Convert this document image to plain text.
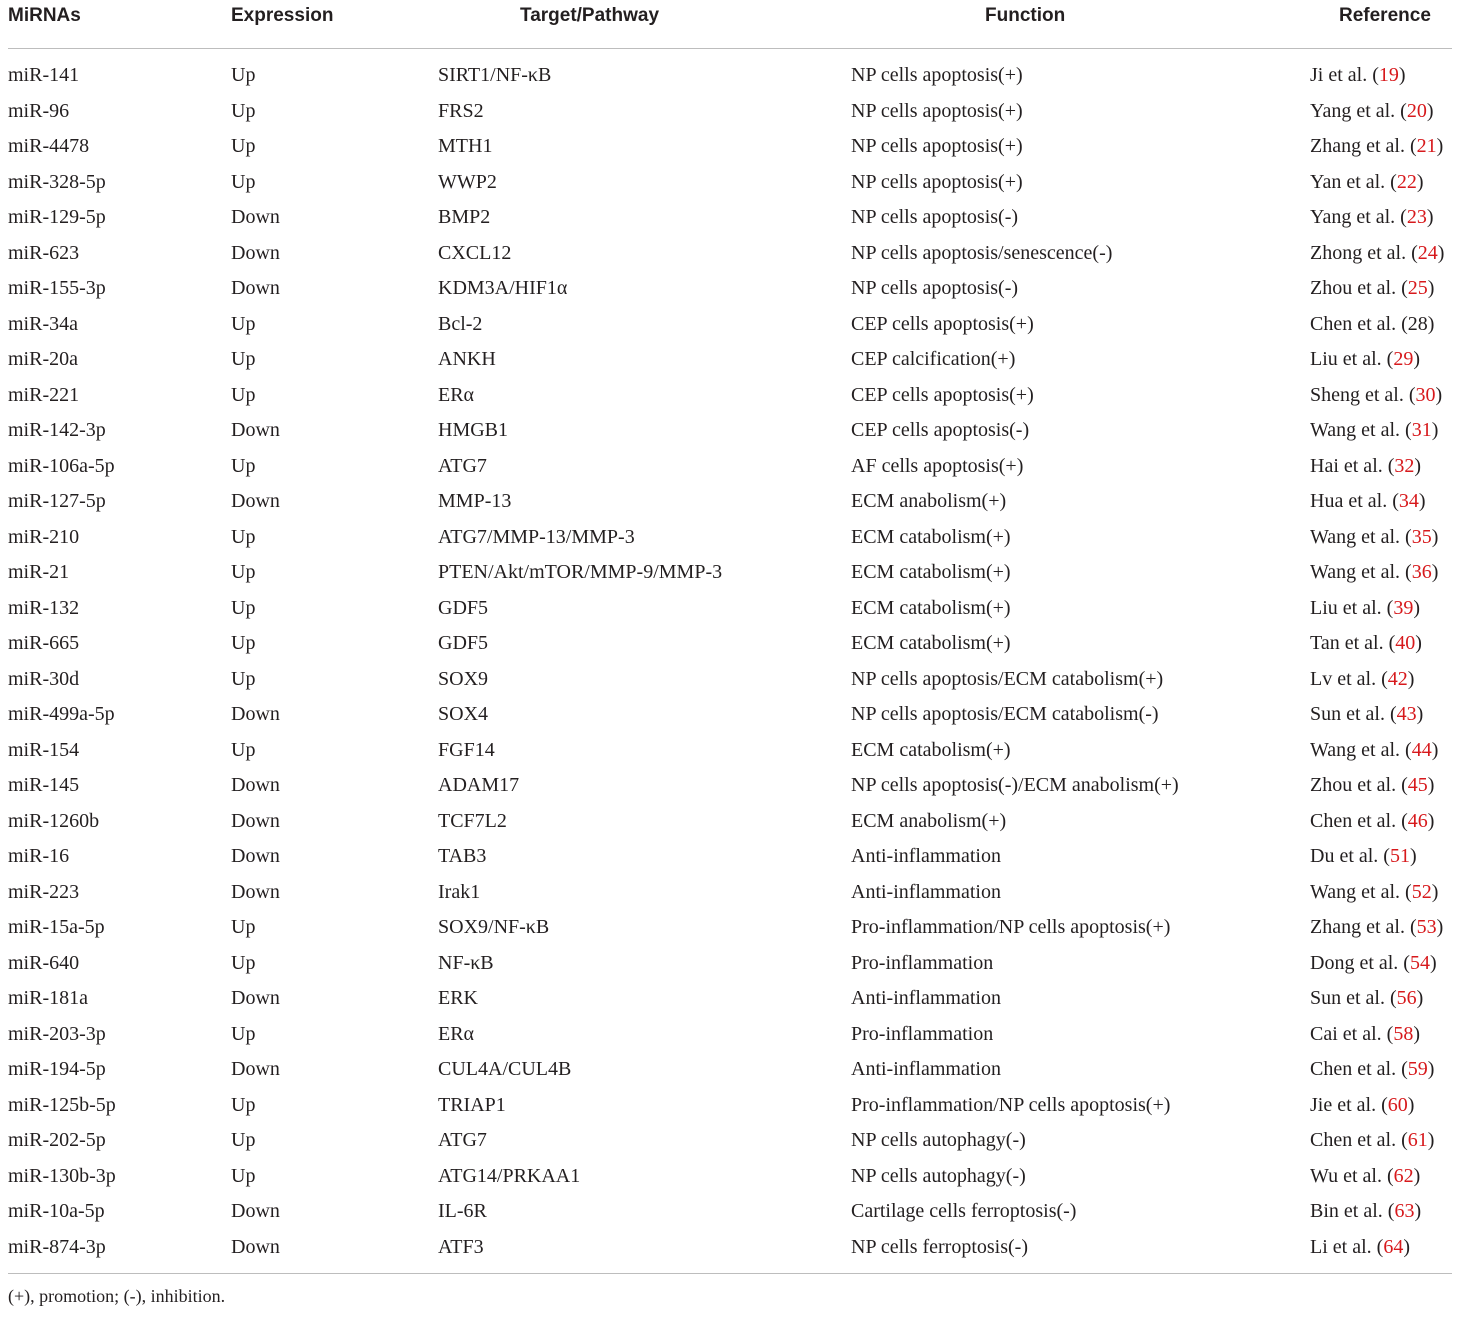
MiRNAs	Expression	Target/Pathway	Function	Reference
miR-141	Up	SIRT1/NF-κB	NP cells apoptosis(+)	Ji et al. (19)
miR-96	Up	FRS2	NP cells apoptosis(+)	Yang et al. (20)
miR-4478	Up	MTH1	NP cells apoptosis(+)	Zhang et al. (21)
miR-328-5p	Up	WWP2	NP cells apoptosis(+)	Yan et al. (22)
miR-129-5p	Down	BMP2	NP cells apoptosis(-)	Yang et al. (23)
miR-623	Down	CXCL12	NP cells apoptosis/senescence(-)	Zhong et al. (24)
miR-155-3p	Down	KDM3A/HIF1α	NP cells apoptosis(-)	Zhou et al. (25)
miR-34a	Up	Bcl-2	CEP cells apoptosis(+)	Chen et al. (28)
miR-20a	Up	ANKH	CEP calcification(+)	Liu et al. (29)
miR-221	Up	ERα	CEP cells apoptosis(+)	Sheng et al. (30)
miR-142-3p	Down	HMGB1	CEP cells apoptosis(-)	Wang et al. (31)
miR-106a-5p	Up	ATG7	AF cells apoptosis(+)	Hai et al. (32)
miR-127-5p	Down	MMP-13	ECM anabolism(+)	Hua et al. (34)
miR-210	Up	ATG7/MMP-13/MMP-3	ECM catabolism(+)	Wang et al. (35)
miR-21	Up	PTEN/Akt/mTOR/MMP-9/MMP-3	ECM catabolism(+)	Wang et al. (36)
miR-132	Up	GDF5	ECM catabolism(+)	Liu et al. (39)
miR-665	Up	GDF5	ECM catabolism(+)	Tan et al. (40)
miR-30d	Up	SOX9	NP cells apoptosis/ECM catabolism(+)	Lv et al. (42)
miR-499a-5p	Down	SOX4	NP cells apoptosis/ECM catabolism(-)	Sun et al. (43)
miR-154	Up	FGF14	ECM catabolism(+)	Wang et al. (44)
miR-145	Down	ADAM17	NP cells apoptosis(-)/ECM anabolism(+)	Zhou et al. (45)
miR-1260b	Down	TCF7L2	ECM anabolism(+)	Chen et al. (46)
miR-16	Down	TAB3	Anti-inflammation	Du et al. (51)
miR-223	Down	Irak1	Anti-inflammation	Wang et al. (52)
miR-15a-5p	Up	SOX9/NF-κB	Pro-inflammation/NP cells apoptosis(+)	Zhang et al. (53)
miR-640	Up	NF-κB	Pro-inflammation	Dong et al. (54)
miR-181a	Down	ERK	Anti-inflammation	Sun et al. (56)
miR-203-3p	Up	ERα	Pro-inflammation	Cai et al. (58)
miR-194-5p	Down	CUL4A/CUL4B	Anti-inflammation	Chen et al. (59)
miR-125b-5p	Up	TRIAP1	Pro-inflammation/NP cells apoptosis(+)	Jie et al. (60)
miR-202-5p	Up	ATG7	NP cells autophagy(-)	Chen et al. (61)
miR-130b-3p	Up	ATG14/PRKAA1	NP cells autophagy(-)	Wu et al. (62)
miR-10a-5p	Down	IL-6R	Cartilage cells ferroptosis(-)	Bin et al. (63)
miR-874-3p	Down	ATF3	NP cells ferroptosis(-)	Li et al. (64)
(+), promotion; (-), inhibition.
